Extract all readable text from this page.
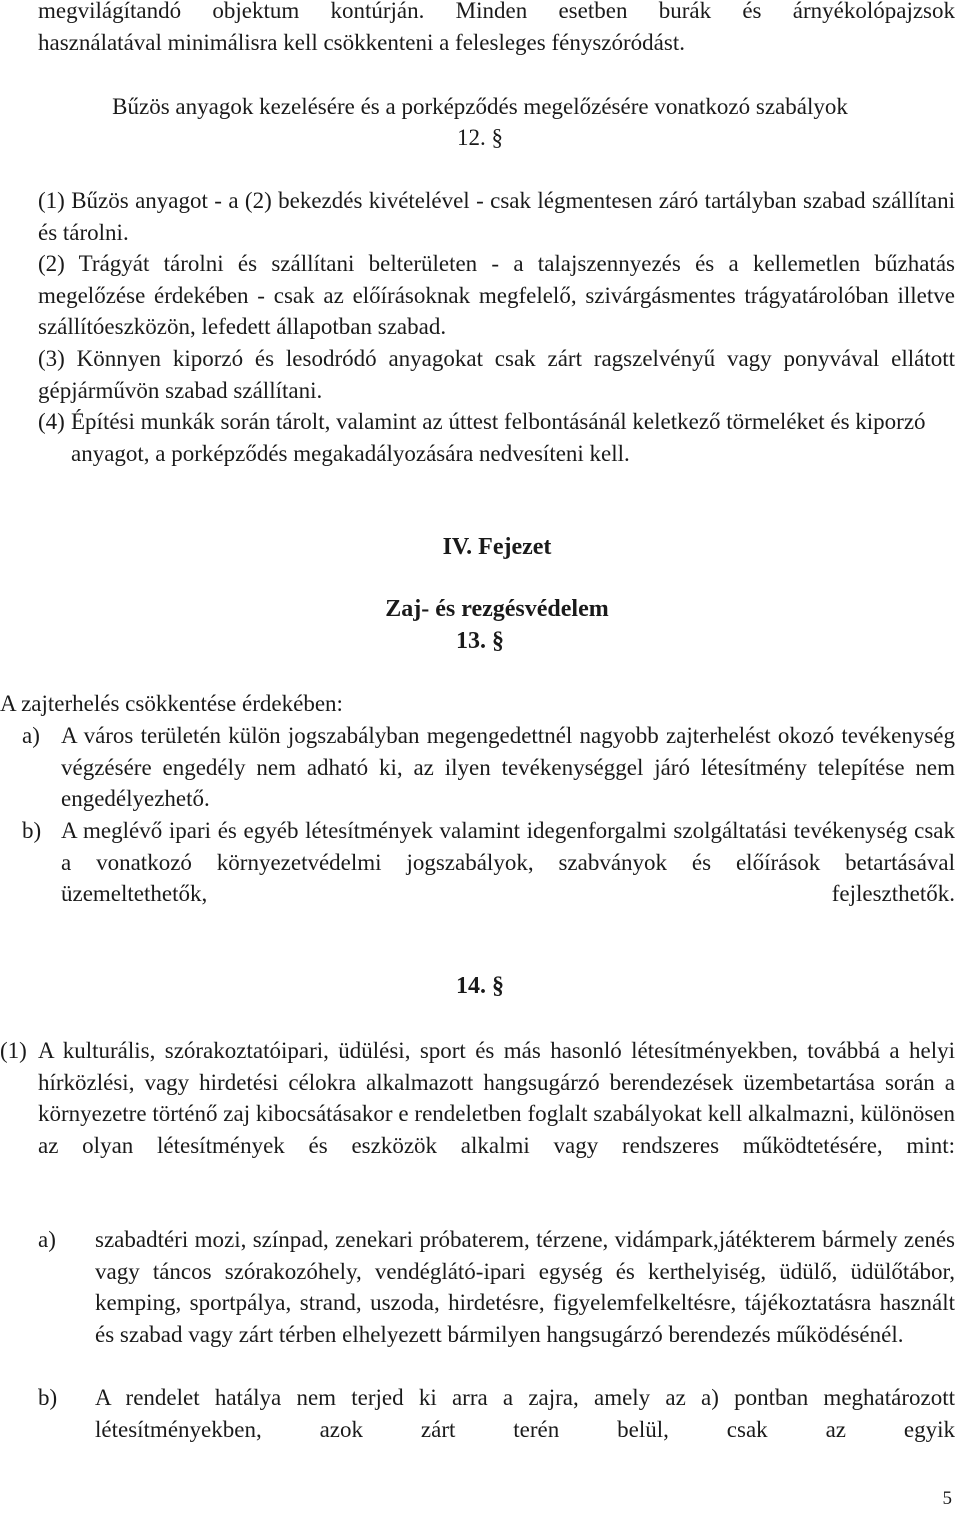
megvilágítandó objektum kontúrján. Minden esetben burák és árnyékolópajzsok

használatával minimálisra kell csökkenteni a felesleges fényszóródást.

Bűzös anyagok kezelésére és a porképződés megelőzésére vonatkozó szabályok

12. §

(1) Bűzös anyagot - a (2) bekezdés kivételével - csak légmentesen záró tartályban szabad szállítani és tárolni.

(2) Trágyát tárolni és szállítani belterületen - a talajszennyezés és a kellemetlen bűzhatás megelőzése érdekében - csak az előírásoknak megfelelő, szivárgásmentes trágyatárolóban illetve szállítóeszközön, lefedett állapotban szabad.

(3) Könnyen kiporzó és lesodródó anyagokat csak zárt ragszelvényű vagy ponyvával ellátott gépjárművön szabad szállítani.

(4) Építési munkák során tárolt, valamint az úttest felbontásánál keletkező törmeléket és kiporzó anyagot, a porképződés megakadályozására nedvesíteni kell.

IV. Fejezet

Zaj- és rezgésvédelem

13. §

A zajterhelés csökkentése érdekében:

a) A város területén külön jogszabályban megengedettnél nagyobb zajterhelést okozó tevékenység végzésére engedély nem adható ki, az ilyen tevékenységgel járó létesítmény telepítése nem engedélyezhető.
b) A meglévő ipari és egyéb létesítmények valamint idegenforgalmi szolgáltatási tevékenység csak a vonatkozó környezetvédelmi jogszabályok, szabványok és előírások betartásával üzemeltethetők, fejleszthetők.

14. §

(1) A kulturális, szórakoztatóipari, üdülési, sport és más hasonló létesítményekben, továbbá a helyi hírközlési, vagy hirdetési célokra alkalmazott hangsugárzó berendezések üzembetartása során a környezetre történő zaj kibocsátásakor e rendeletben foglalt szabályokat kell alkalmazni, különösen az olyan létesítmények és eszközök alkalmi vagy rendszeres működtetésére, mint:
a)	szabadtéri mozi, színpad, zenekari próbaterem, térzene, vidámpark,játékterem bármely zenés vagy táncos szórakozóhely, vendéglátó-ipari egység és kerthelyiség, üdülő, üdülőtábor, kemping, sportpálya, strand, uszoda, hirdetésre, figyelemfelkeltésre, tájékoztatásra használt és szabad vagy zárt térben elhelyezett bármilyen hangsugárzó berendezés működésénél.
b)	A rendelet hatálya nem terjed ki arra a zajra, amely az a) pontban meghatározott létesítményekben, azok zárt terén belül, csak az egyik
5
